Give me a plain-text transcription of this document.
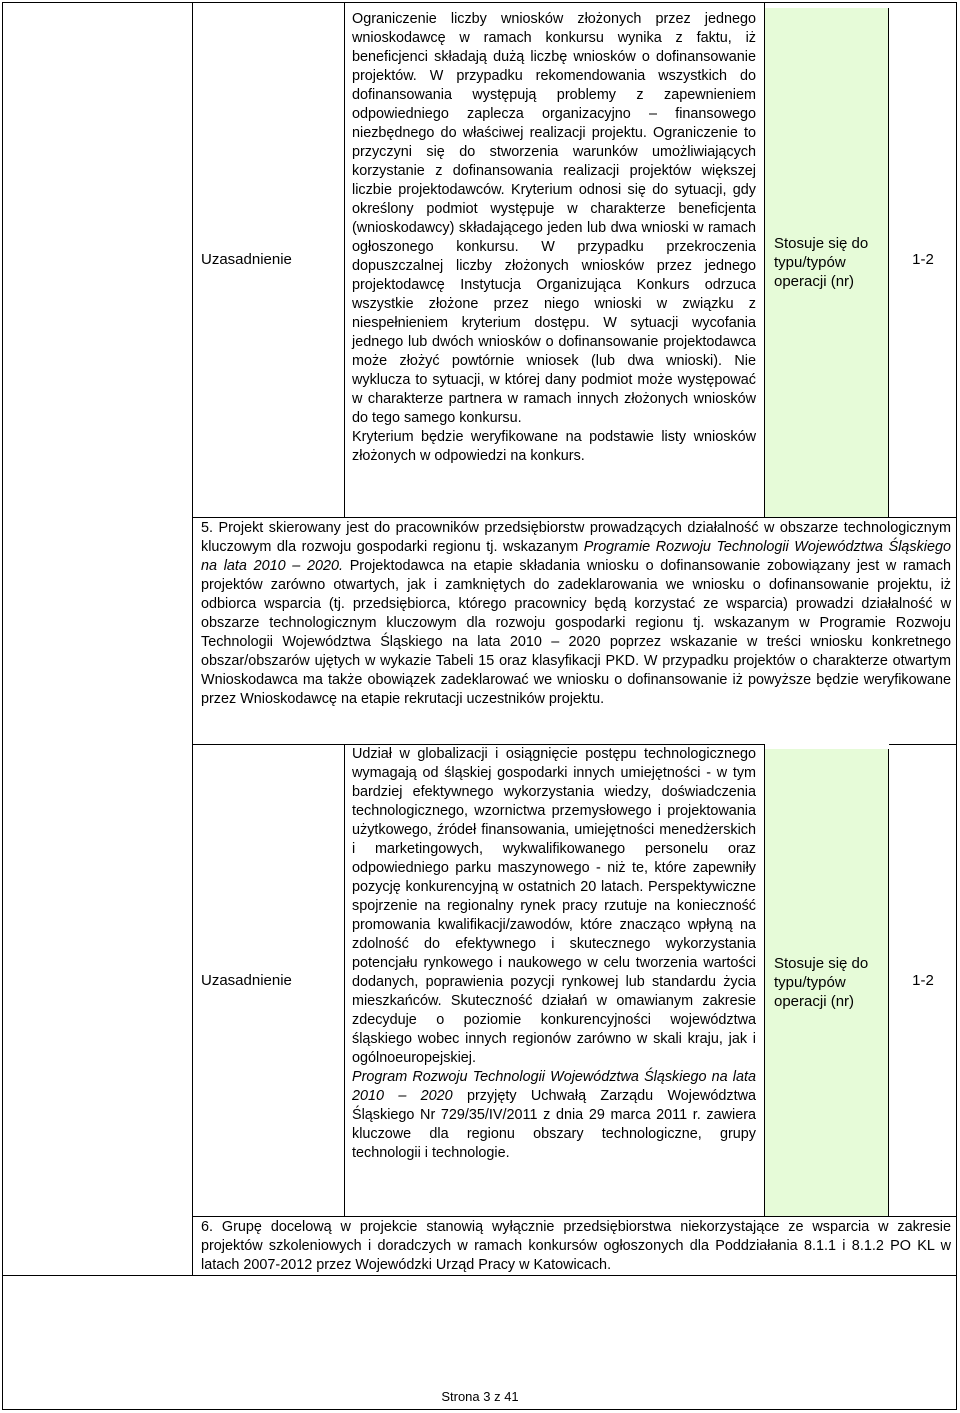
Uzasadnienie

Ograniczenie liczby wniosków złożonych przez jednego wnioskodawcę w ramach konkursu wynika z faktu, iż beneficjenci składają dużą liczbę wniosków o dofinansowanie projektów. W przypadku rekomendowania wszystkich do dofinansowania występują problemy z zapewnieniem odpowiedniego zaplecza organizacyjno – finansowego niezbędnego do właściwej realizacji projektu. Ograniczenie to przyczyni się do stworzenia warunków umożliwiających korzystanie z dofinansowania realizacji projektów większej liczbie projektodawców. Kryterium odnosi się do sytuacji, gdy określony podmiot występuje w charakterze beneficjenta (wnioskodawcy) składającego jeden lub dwa wnioski w ramach ogłoszonego konkursu. W przypadku przekroczenia dopuszczalnej liczby złożonych wniosków przez jednego projektodawcę Instytucja Organizująca Konkurs odrzuca wszystkie złożone przez niego wnioski w związku z niespełnieniem kryterium dostępu. W sytuacji wycofania jednego lub dwóch wniosków o dofinansowanie projektodawca może złożyć powtórnie wniosek (lub dwa wnioski). Nie wyklucza to sytuacji, w której dany podmiot może występować w charakterze partnera w ramach innych złożonych wniosków do tego samego konkursu.

Kryterium będzie weryfikowane na podstawie listy wniosków złożonych w odpowiedzi na konkurs.

Stosuje się do typu/typów operacji (nr)
1-2
5. Projekt skierowany jest do pracowników przedsiębiorstw prowadzących działalność w obszarze technologicznym kluczowym dla rozwoju gospodarki regionu tj. wskazanym Programie Rozwoju Technologii Województwa Śląskiego na lata 2010 – 2020. Projektodawca na etapie składania wniosku o dofinansowanie zobowiązany jest w ramach projektów zarówno otwartych, jak i zamkniętych do zadeklarowania we wniosku o dofinansowanie projektu, iż odbiorca wsparcia (tj. przedsiębiorca, którego pracownicy będą korzystać ze wsparcia) prowadzi działalność w obszarze technologicznym kluczowym dla rozwoju gospodarki regionu tj. wskazanym w Programie Rozwoju Technologii Województwa Śląskiego na lata 2010 – 2020 poprzez wskazanie w treści wniosku konkretnego obszar/obszarów ujętych w wykazie Tabeli 15 oraz klasyfikacji PKD. W przypadku projektów o charakterze otwartym Wnioskodawca ma także obowiązek zadeklarować we wniosku o dofinansowanie iż powyższe będzie weryfikowane przez Wnioskodawcę na etapie rekrutacji uczestników projektu.
Uzasadnienie

Udział w globalizacji i osiągnięcie postępu technologicznego wymagają od śląskiej gospodarki innych umiejętności - w tym bardziej efektywnego wykorzystania wiedzy, doświadczenia technologicznego, wzornictwa przemysłowego i projektowania użytkowego, źródeł finansowania, umiejętności menedżerskich i marketingowych, wykwalifikowanego personelu oraz odpowiedniego parku maszynowego - niż te, które zapewniły pozycję konkurencyjną w ostatnich 20 latach. Perspektywiczne spojrzenie na regionalny rynek pracy rzutuje na konieczność promowania kwalifikacji/zawodów, które znacząco wpłyną na zdolność do efektywnego i skutecznego wykorzystania potencjału rynkowego i naukowego w celu tworzenia wartości dodanych, poprawienia pozycji rynkowej lub standardu życia mieszkańców. Skuteczność działań w omawianym zakresie zdecyduje o poziomie konkurencyjności województwa śląskiego wobec innych regionów zarówno w skali kraju, jak i ogólnoeuropejskiej.

Program Rozwoju Technologii Województwa Śląskiego na lata 2010 – 2020 przyjęty Uchwałą Zarządu Województwa Śląskiego Nr 729/35/IV/2011 z dnia 29 marca 2011 r. zawiera kluczowe dla regionu obszary technologiczne, grupy technologii i technologie.

Stosuje się do typu/typów operacji (nr)
1-2
6. Grupę docelową w projekcie stanowią wyłącznie przedsiębiorstwa niekorzystające ze wsparcia w zakresie projektów szkoleniowych i doradczych w ramach konkursów ogłoszonych dla Poddziałania 8.1.1 i 8.1.2 PO KL w latach 2007-2012 przez Wojewódzki Urząd Pracy w Katowicach.
Strona 3 z 41
